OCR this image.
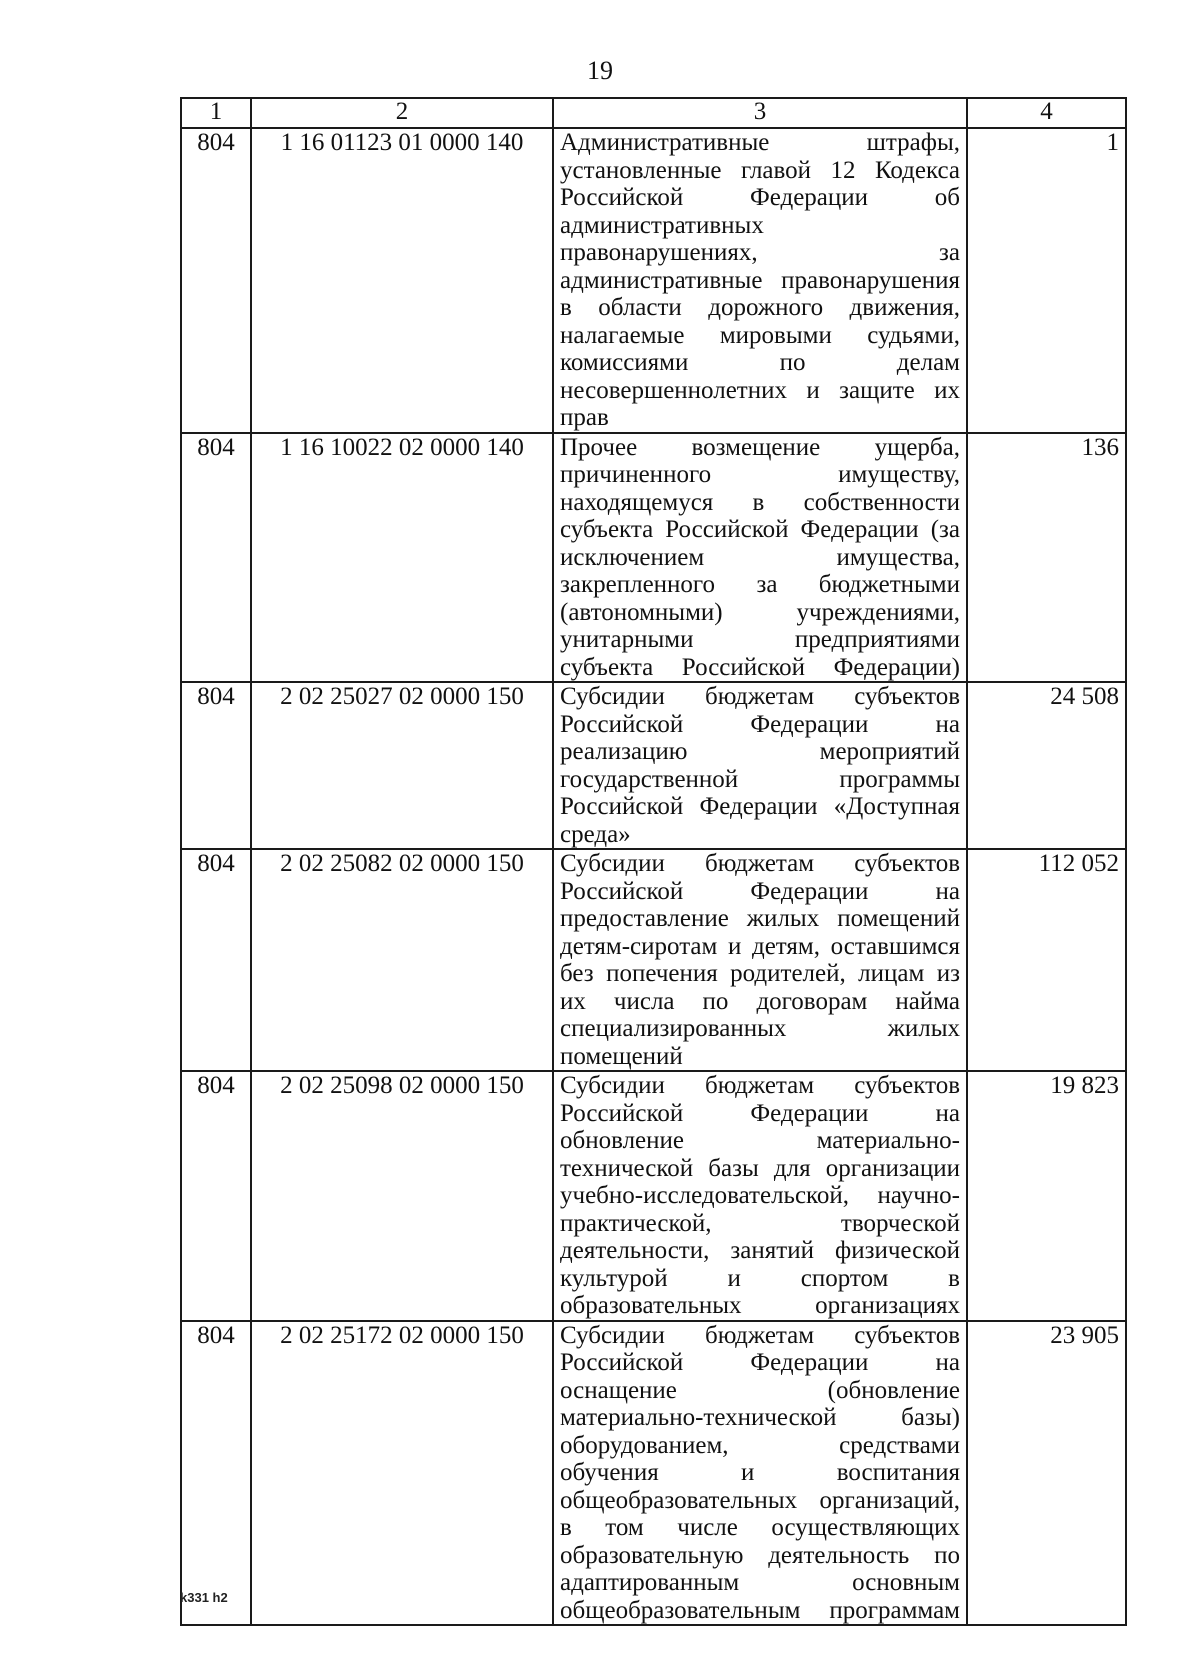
19
1	2	3	4
804	1 16 01123 01 0000 140	Административные штрафы, установленные главой 12 Кодекса Российской Федерации об административных правонарушениях, за административные правонарушения в области дорожного движения, налагаемые мировыми судьями, комиссиями по делам несовершеннолетних и защите их прав	1
804	1 16 10022 02 0000 140	Прочее возмещение ущерба, причиненного имуществу, находящемуся в собственности субъекта Российской Федерации (за исключением имущества, закрепленного за бюджетными (автономными) учреждениями, унитарными предприятиями субъекта Российской Федерации)	136
804	2 02 25027 02 0000 150	Субсидии бюджетам субъектов Российской Федерации на реализацию мероприятий государственной программы Российской Федерации «Доступная среда»	24 508
804	2 02 25082 02 0000 150	Субсидии бюджетам субъектов Российской Федерации на предоставление жилых помещений детям-сиротам и детям, оставшимся без попечения родителей, лицам из их числа по договорам найма специализированных жилых помещений	112 052
804	2 02 25098 02 0000 150	Субсидии бюджетам субъектов Российской Федерации на обновление материально-технической базы для организации учебно-исследовательской, научно-практической, творческой деятельности, занятий физической культурой и спортом в образовательных организациях	19 823
804	2 02 25172 02 0000 150	Субсидии бюджетам субъектов Российской Федерации на оснащение (обновление материально-технической базы) оборудованием, средствами обучения и воспитания общеобразовательных организаций, в том числе осуществляющих образовательную деятельность по адаптированным основным общеобразовательным программам	23 905
k331 h2
